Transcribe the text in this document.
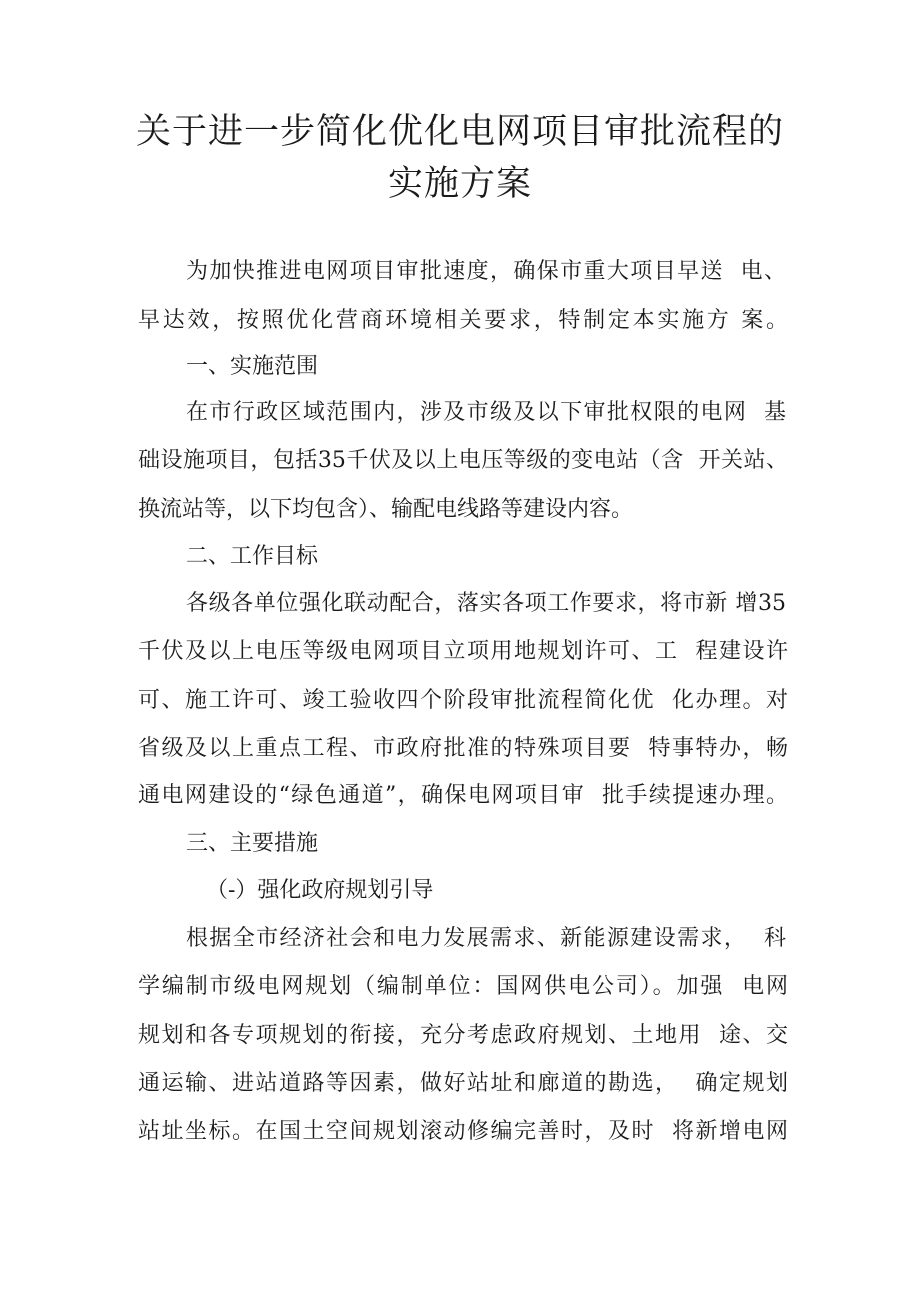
关于进一步简化优化电网项目审批流程的
实施方案

为加快推进电网项目审批速度，确保市重大项目早送  电、

早达效，按照优化营商环境相关要求，特制定本实施方 案。

一、实施范围

在市行政区域范围内，涉及市级及以下审批权限的电网  基

础设施项目，包括35千伏及以上电压等级的变电站（含  开关站、

换流站等，以下均包含）、输配电线路等建设内容。

二、工作目标

各级各单位强化联动配合，落实各项工作要求，将市新 增35

千伏及以上电压等级电网项目立项用地规划许可、工  程建设许

可、施工许可、竣工验收四个阶段审批流程简化优  化办理。对

省级及以上重点工程、市政府批准的特殊项目要  特事特办，畅

通电网建设的“绿色通道”，确保电网项目审  批手续提速办理。

三、主要措施

（-）强化政府规划引导

根据全市经济社会和电力发展需求、新能源建设需求，  科

学编制市级电网规划（编制单位：国网供电公司）。加强  电网

规划和各专项规划的衔接，充分考虑政府规划、土地用  途、交

通运输、进站道路等因素，做好站址和廊道的勘选，  确定规划

站址坐标。在国土空间规划滚动修编完善时，及时  将新增电网
